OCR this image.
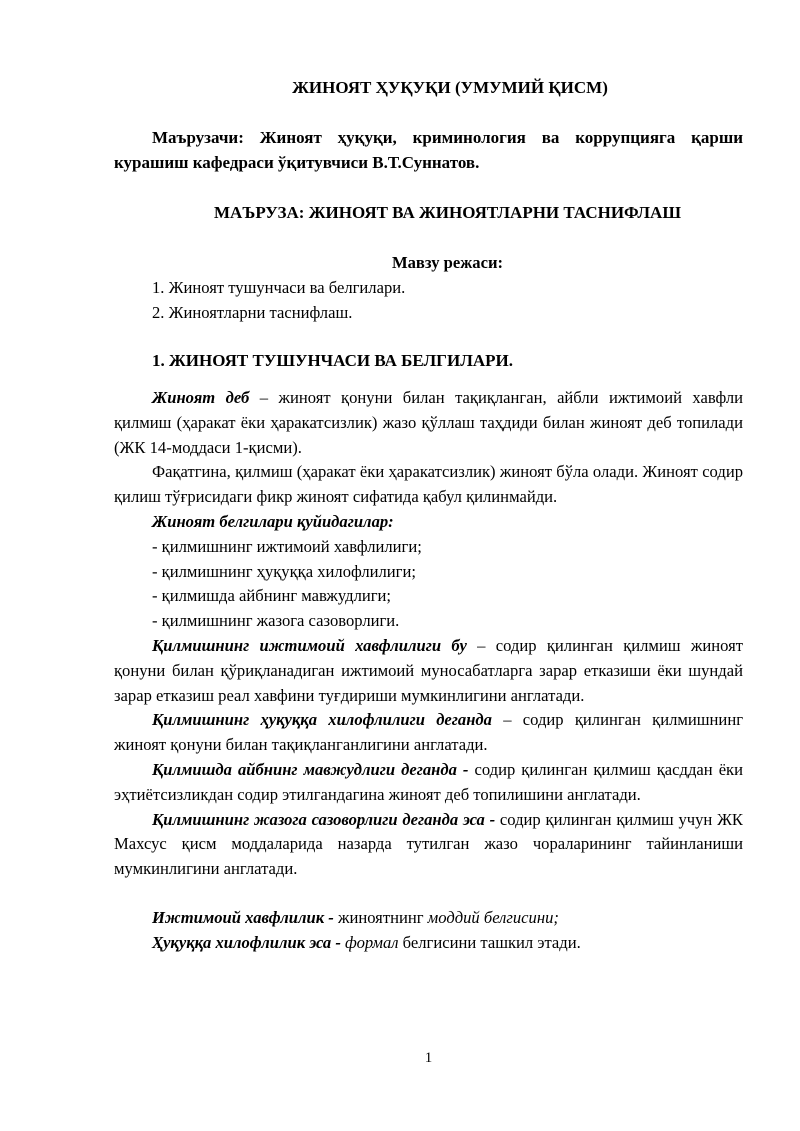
ЖИНОЯТ ҲУҚУҚИ (УМУМИЙ ҚИСМ)
Маърузачи: Жиноят ҳуқуқи, криминология ва коррупцияга қарши курашиш кафедраси ўқитувчиси В.Т.Суннатов.
МАЪРУЗА: ЖИНОЯТ ВА ЖИНОЯТЛАРНИ ТАСНИФЛАШ
Мавзу режаси:
1. Жиноят тушунчаси ва белгилари.
2. Жиноятларни таснифлаш.
1. ЖИНОЯТ ТУШУНЧАСИ ВА БЕЛГИЛАРИ.

Жиноят деб – жиноят қонуни билан тақиқланган, айбли ижтимоий хавфли қилмиш (ҳаракат ёки ҳаракатсизлик) жазо қўллаш таҳдиди билан жиноят деб топилади (ЖК 14-моддаси 1-қисми).

Фақатгина, қилмиш (ҳаракат ёки ҳаракатсизлик) жиноят бўла олади. Жиноят содир қилиш тўғрисидаги фикр жиноят сифатида қабул қилинмайди.

Жиноят белгилари қуйидагилар:

- қилмишнинг ижтимоий хавфлилиги;
- қилмишнинг ҳуқуққа хилофлилиги;
- қилмишда айбнинг мавжудлиги;
- қилмишнинг жазога сазоворлиги.

Қилмишнинг ижтимоий хавфлилиги бу – содир қилинган қилмиш жиноят қонуни билан қўриқланадиган ижтимоий муносабатларга зарар етказиши ёки шундай зарар етказиш реал хавфини туғдириши мумкинлигини англатади.

Қилмишнинг ҳуқуққа хилофлилиги деганда – содир қилинган қилмишнинг жиноят қонуни билан тақиқланганлигини англатади.

Қилмишда айбнинг мавжудлиги деганда - содир қилинган қилмиш қасддан ёки эҳтиётсизликдан содир этилгандагина жиноят деб топилишини англатади.

Қилмишнинг жазога сазоворлиги деганда эса - содир қилинган қилмиш учун ЖК Махсус қисм моддаларида назарда тутилган жазо чораларининг тайинланиши мумкинлигини англатади.

Ижтимоий хавфлилик - жиноятнинг моддий белгисини;

Ҳуқуққа хилофлилик эса - формал белгисини ташкил этади.

1
